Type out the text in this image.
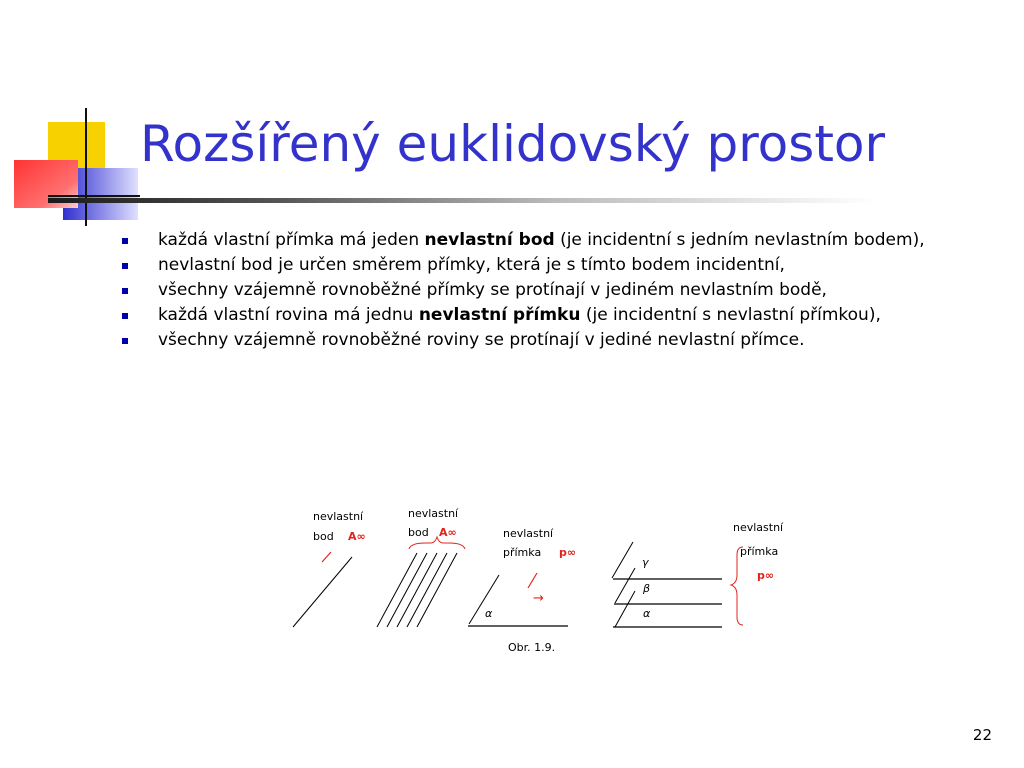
Rozšířený euklidovský prostor
každá vlastní přímka má jeden nevlastní bod (je incidentní s jedním nevlastním bodem),
nevlastní bod je určen směrem přímky, která je s tímto bodem incidentní,
všechny vzájemně rovnoběžné přímky se protínají v jediném nevlastním bodě,
každá vlastní rovina má jednu nevlastní přímku (je incidentní s nevlastní přímkou),
všechny vzájemně rovnoběžné roviny se protínají v jediné nevlastní přímce.
nevlastní
bod A∞
nevlastní
bod A∞	nevlastní
přímka p∞
→
α
Obr. 1.9.
nevlastní
přímka
p∞
γ
β
α
22
